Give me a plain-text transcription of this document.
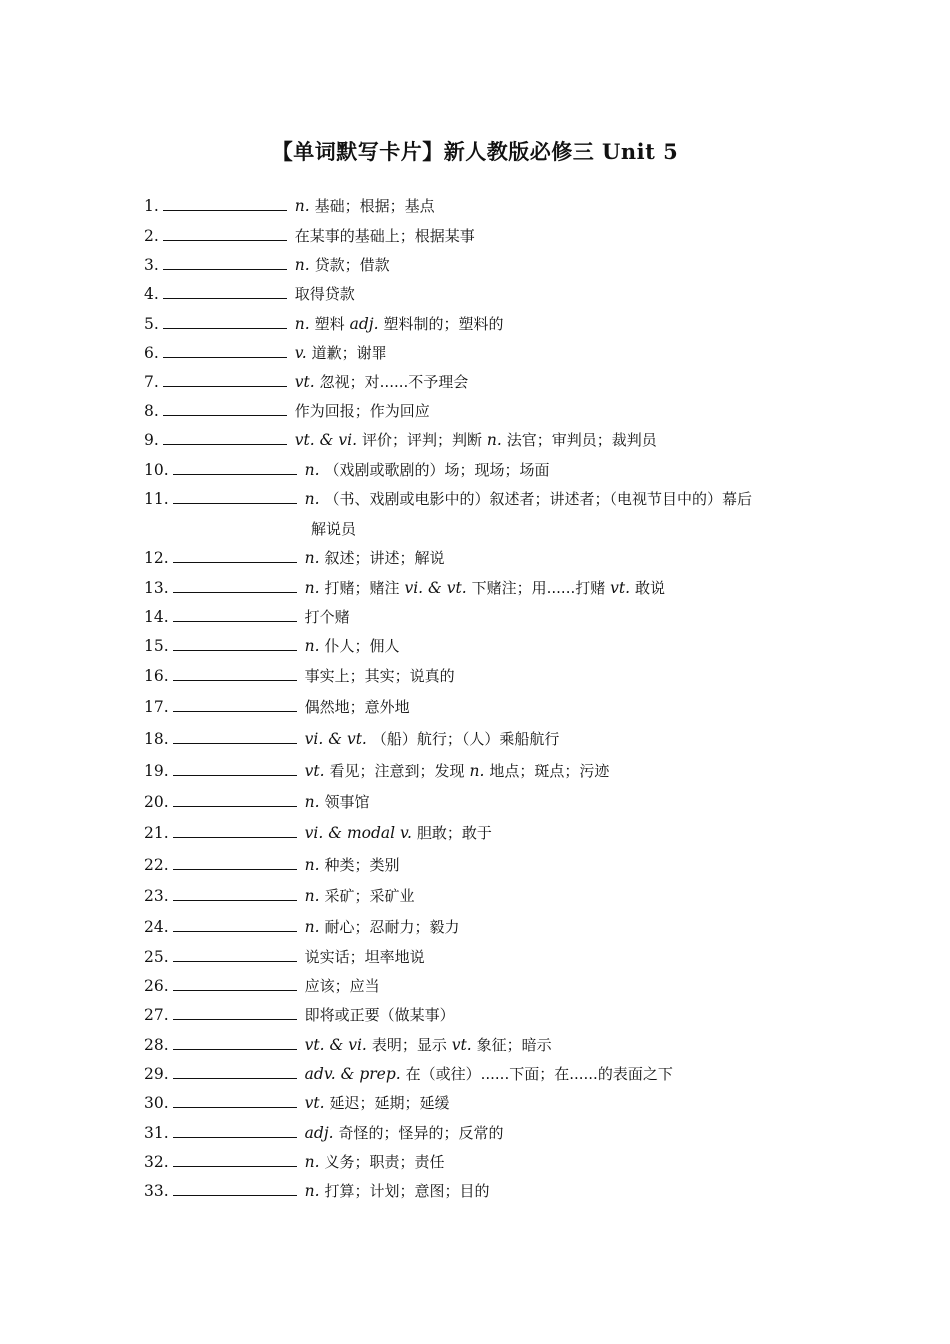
【单词默写卡片】新人教版必修三 Unit 5
1.	n. 基础；根据；基点
2.	在某事的基础上；根据某事
3.	n. 贷款；借款
4.	取得贷款
5.	n. 塑料 adj. 塑料制的；塑料的
6.	v. 道歉；谢罪
7.	vt. 忽视；对......不予理会
8.	作为回报；作为回应
9.	vt. & vi. 评价；评判；判断 n. 法官；审判员；裁判员
10.	n. （戏剧或歌剧的）场；现场；场面
11.	n. （书、戏剧或电影中的）叙述者；讲述者；（电视节目中的）幕后
解说员
12.	n. 叙述；讲述；解说
13.	n. 打赌；赌注 vi. & vt. 下赌注；用......打赌 vt. 敢说
14.	打个赌
15.	n. 仆人；佣人
16.	事实上；其实；说真的
17.	偶然地；意外地
18.	vi. & vt. （船）航行；（人）乘船航行
19.	vt. 看见；注意到；发现 n. 地点；斑点；污迹
20.	n. 领事馆
21.	vi. & modal v. 胆敢；敢于
22.	n. 种类；类别
23.	n. 采矿；采矿业
24.	n. 耐心；忍耐力；毅力
25.	说实话；坦率地说
26.	应该；应当
27.	即将或正要（做某事）
28.	vt. & vi. 表明；显示 vt. 象征；暗示
29.	adv. & prep. 在（或往）......下面；在......的表面之下
30.	vt. 延迟；延期；延缓
31.	adj. 奇怪的；怪异的；反常的
32.	n. 义务；职责；责任
33.	n. 打算；计划；意图；目的
